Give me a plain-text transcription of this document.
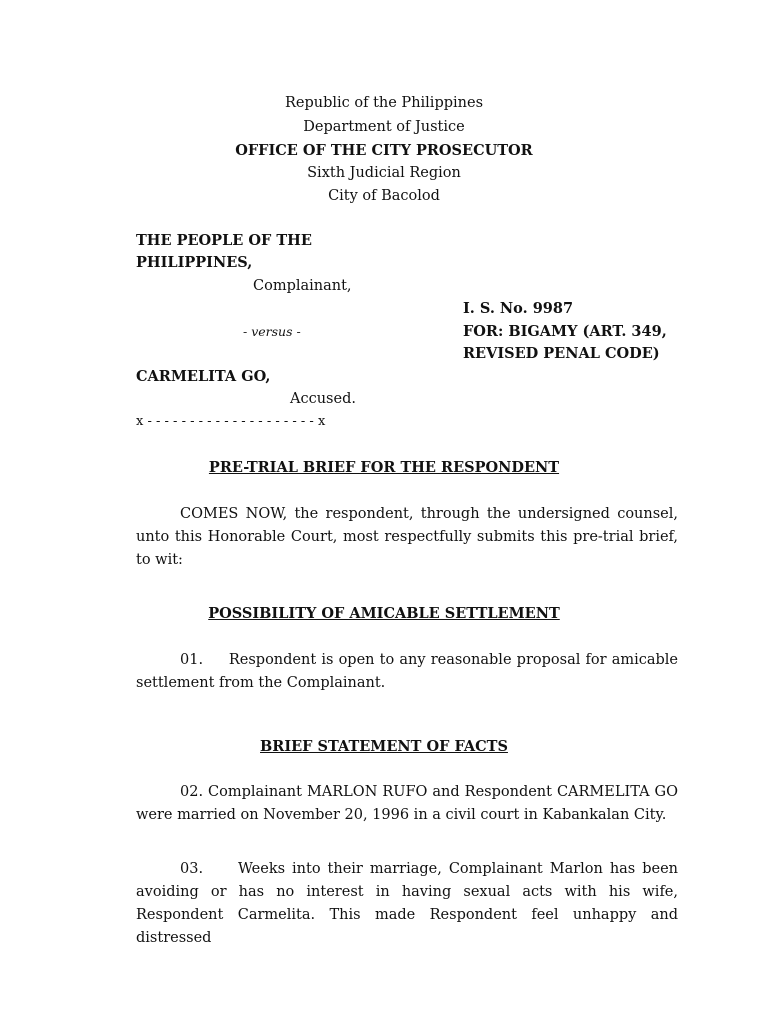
Republic of the Philippines
Department of Justice
OFFICE OF THE CITY PROSECUTOR
Sixth Judicial Region
City of Bacolod
THE PEOPLE OF THE
PHILIPPINES,
Complainant,
I. S. No. 9987
- versus -	FOR: BIGAMY (ART. 349,
REVISED PENAL CODE)
CARMELITA GO,
Accused.
x - - - - - - - - - - - - - - - - - - - - x
PRE-TRIAL BRIEF FOR THE RESPONDENT
COMES NOW, the respondent, through the undersigned counsel, unto this Honorable Court, most respectfully submits this pre-trial brief, to wit:
POSSIBILITY OF AMICABLE SETTLEMENT
01. Respondent is open to any reasonable proposal for amicable settlement from the Complainant.
BRIEF STATEMENT OF FACTS
02. Complainant MARLON RUFO and Respondent CARMELITA GO were married on November 20, 1996 in a civil court in Kabankalan City.
03. Weeks into their marriage, Complainant Marlon has been avoiding or has no interest in having sexual acts with his wife, Respondent Carmelita. This made Respondent feel unhappy and distressed
